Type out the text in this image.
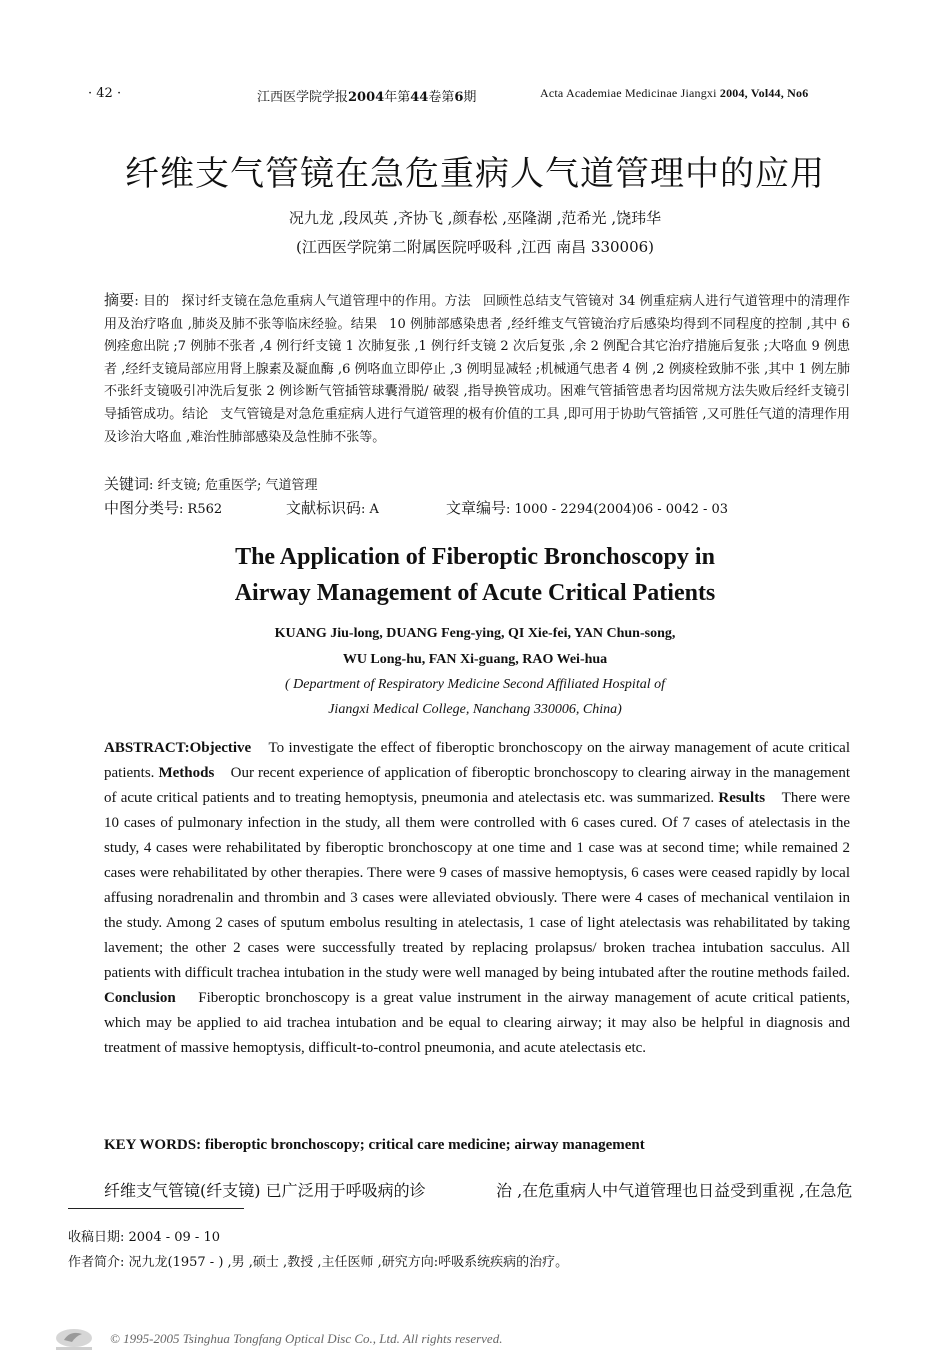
· 42 ·	江西医学院学报2004年第44卷第6期	Acta Academiae Medicinae Jiangxi 2004, Vol44, No6
纤维支气管镜在急危重病人气道管理中的应用
况九龙 ,段凤英 ,齐协飞 ,颜春松 ,巫隆湖 ,范希光 ,饶玮华
(江西医学院第二附属医院呼吸科 ,江西 南昌 330006)
摘要: 目的 探讨纤支镜在急危重病人气道管理中的作用。方法 回顾性总结支气管镜对 34 例重症病人进行气道管理中的清理作用及治疗咯血 ,肺炎及肺不张等临床经验。结果 10 例肺部感染患者 ,经纤维支气管镜治疗后感染均得到不同程度的控制 ,其中 6 例痊愈出院 ;7 例肺不张者 ,4 例行纤支镜 1 次肺复张 ,1 例行纤支镜 2 次后复张 ,余 2 例配合其它治疗措施后复张 ;大咯血 9 例患者 ,经纤支镜局部应用肾上腺素及凝血酶 ,6 例咯血立即停止 ,3 例明显减轻 ;机械通气患者 4 例 ,2 例痰栓致肺不张 ,其中 1 例左肺不张纤支镜吸引冲洗后复张 2 例诊断气管插管球囊滑脱/ 破裂 ,指导换管成功。困难气管插管患者均因常规方法失败后经纤支镜引导插管成功。结论 支气管镜是对急危重症病人进行气道管理的极有价值的工具 ,即可用于协助气管插管 ,又可胜任气道的清理作用及诊治大咯血 ,难治性肺部感染及急性肺不张等。
关键词: 纤支镜; 危重医学; 气道管理
中图分类号: R562	文献标识码: A	文章编号: 1000 - 2294(2004)06 - 0042 - 03
The Application of Fiberoptic Bronchoscopy in
Airway Management of Acute Critical Patients
KUANG Jiu-long, DUANG Feng-ying, QI Xie-fei, YAN Chun-song,
WU Long-hu, FAN Xi-guang, RAO Wei-hua
( Department of Respiratory Medicine Second Affiliated Hospital of
Jiangxi Medical College, Nanchang 330006, China)
ABSTRACT:Objective To investigate the effect of fiberoptic bronchoscopy on the airway management of acute critical patients. Methods Our recent experience of application of fiberoptic bronchoscopy to clearing airway in the management of acute critical patients and to treating hemoptysis, pneumonia and atelectasis etc. was summarized. Results There were 10 cases of pulmonary infection in the study, all them were controlled with 6 cases cured. Of 7 cases of atelectasis in the study, 4 cases were rehabilitated by fiberoptic bronchoscopy at one time and 1 case was at second time; while remained 2 cases were rehabilitated by other therapies. There were 9 cases of massive hemoptysis, 6 cases were ceased rapidly by local affusing noradrenalin and thrombin and 3 cases were alleviated obviously. There were 4 cases of mechanical ventilaion in the study. Among 2 cases of sputum embolus resulting in atelectasis, 1 case of light atelectasis was rehabilitated by taking lavement; the other 2 cases were successfully treated by replacing prolapsus/ broken trachea intubation sacculus. All patients with difficult trachea intubation in the study were well managed by being intubated after the routine methods failed. Conclusion Fiberoptic bronchoscopy is a great value instrument in the airway management of acute critical patients, which may be applied to aid trachea intubation and be equal to clearing airway; it may also be helpful in diagnosis and treatment of massive hemoptysis, difficult-to-control pneumonia, and acute atelectasis etc.
KEY WORDS: fiberoptic bronchoscopy; critical care medicine; airway management
纤维支气管镜(纤支镜) 已广泛用于呼吸病的诊	治 ,在危重病人中气道管理也日益受到重视 ,在急危
收稿日期: 2004 - 09 - 10
作者简介: 况九龙(1957 - ) ,男 ,硕士 ,教授 ,主任医师 ,研究方向:呼吸系统疾病的治疗。
© 1995-2005 Tsinghua Tongfang Optical Disc Co., Ltd. All rights reserved.
